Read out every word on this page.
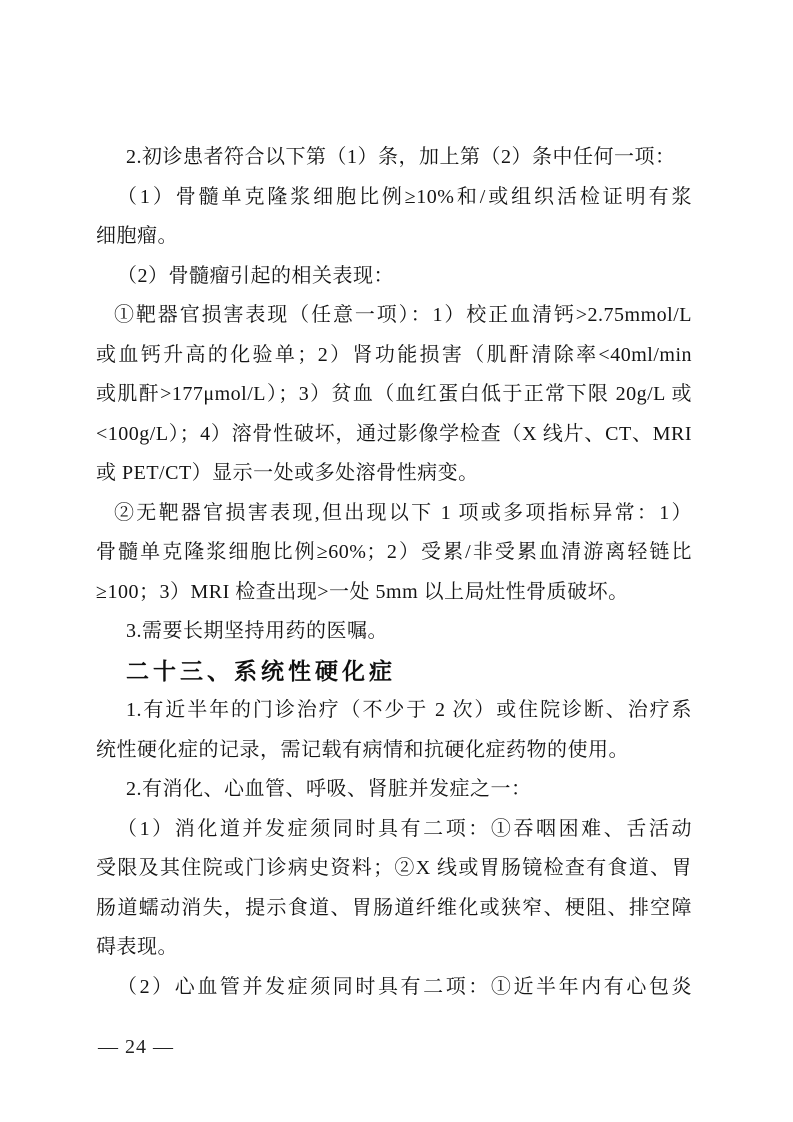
2.初诊患者符合以下第（1）条，加上第（2）条中任何一项：
（1）骨髓单克隆浆细胞比例≥10%和/或组织活检证明有浆
细胞瘤。
（2）骨髓瘤引起的相关表现：
①靶器官损害表现（任意一项）：1）校正血清钙>2.75mmol/L
或血钙升高的化验单；2）肾功能损害（肌酐清除率<40ml/min
或肌酐>177μmol/L）；3）贫血（血红蛋白低于正常下限 20g/L 或
<100g/L）；4）溶骨性破坏，通过影像学检查（X 线片、CT、MRI
或 PET/CT）显示一处或多处溶骨性病变。
②无靶器官损害表现,但出现以下 1 项或多项指标异常：1）
骨髓单克隆浆细胞比例≥60%；2）受累/非受累血清游离轻链比
≥100；3）MRI 检查出现>一处 5mm 以上局灶性骨质破坏。
3.需要长期坚持用药的医嘱。
二十三、系统性硬化症
1.有近半年的门诊治疗（不少于 2 次）或住院诊断、治疗系
统性硬化症的记录，需记载有病情和抗硬化症药物的使用。
2.有消化、心血管、呼吸、肾脏并发症之一：
（1）消化道并发症须同时具有二项：①吞咽困难、舌活动
受限及其住院或门诊病史资料；②X 线或胃肠镜检查有食道、胃
肠道蠕动消失，提示食道、胃肠道纤维化或狭窄、梗阻、排空障
碍表现。
（2）心血管并发症须同时具有二项：①近半年内有心包炎
— 24 —
